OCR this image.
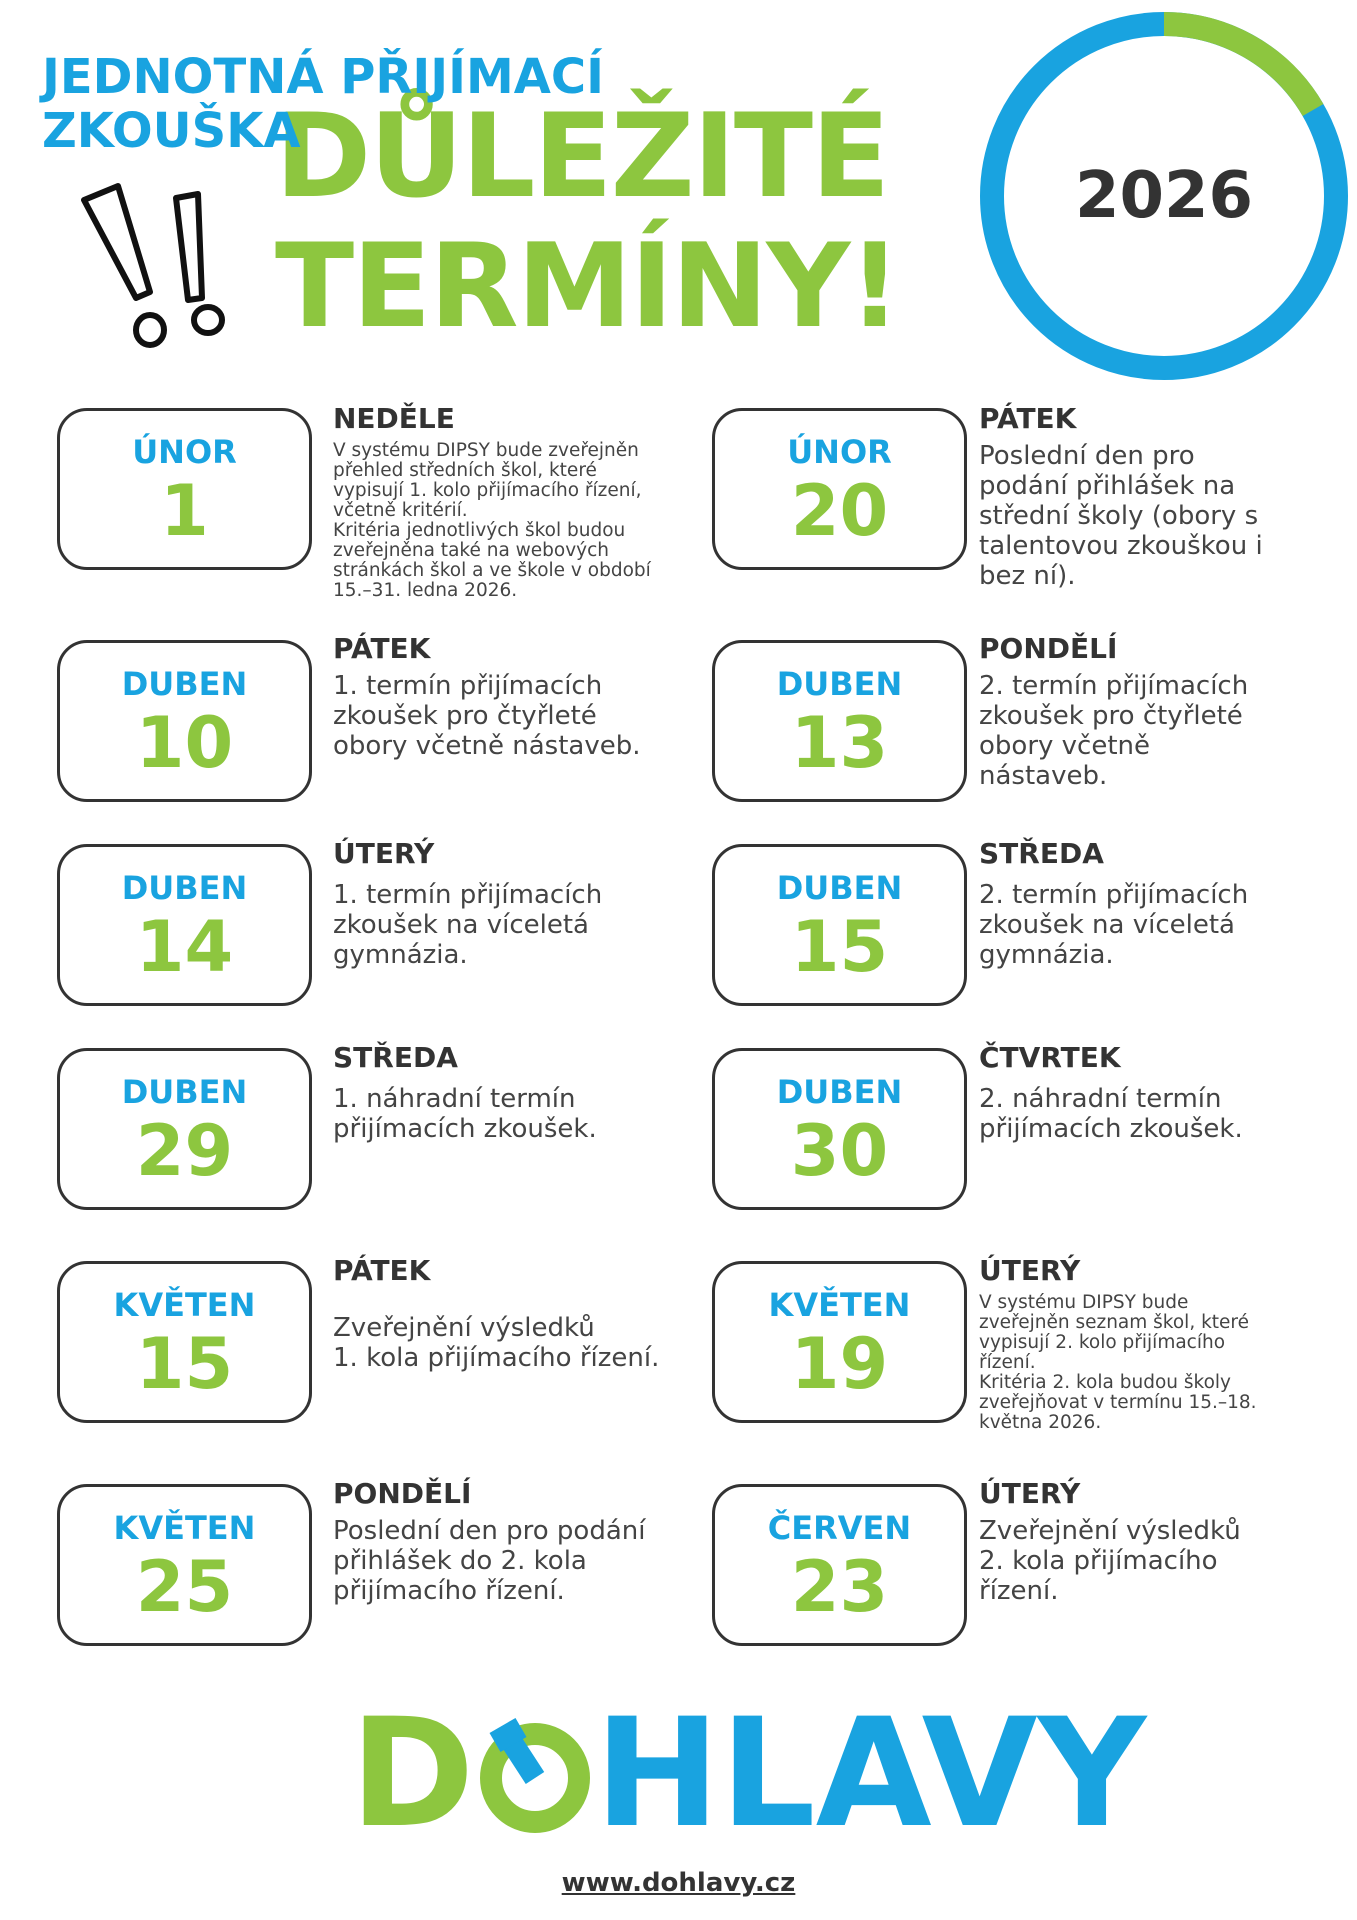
JEDNOTNÁ PŘIJÍMACÍ
ZKOUŠKA
DŮLEŽITÉ
TERMÍNY!
2026
ÚNOR
1
NEDĚLE
V systému DIPSY bude zveřejněn
přehled středních škol, které
vypisují 1. kolo přijímacího řízení,
včetně kritérií.
Kritéria jednotlivých škol budou
zveřejněna také na webových
stránkách škol a ve škole v období
15.–31. ledna 2026.
ÚNOR
20
PÁTEK
Poslední den pro
podání přihlášek na
střední školy (obory s
talentovou zkouškou i
bez ní).
DUBEN
10
PÁTEK
1. termín přijímacích
zkoušek pro čtyřleté
obory včetně nástaveb.
DUBEN
13
PONDĚLÍ
2. termín přijímacích
zkoušek pro čtyřleté
obory včetně
nástaveb.
DUBEN
14
ÚTERÝ
1. termín přijímacích
zkoušek na víceletá
gymnázia.
DUBEN
15
STŘEDA
2. termín přijímacích
zkoušek na víceletá
gymnázia.
DUBEN
29
STŘEDA
1. náhradní termín
přijímacích zkoušek.
DUBEN
30
ČTVRTEK
2. náhradní termín
přijímacích zkoušek.
KVĚTEN
15
PÁTEK
Zveřejnění výsledků
1. kola přijímacího řízení.
KVĚTEN
19
ÚTERÝ
V systému DIPSY bude
zveřejněn seznam škol, které
vypisují 2. kolo přijímacího
řízení.
Kritéria 2. kola budou školy
zveřejňovat v termínu 15.–18.
května 2026.
KVĚTEN
25
PONDĚLÍ
Poslední den pro podání
přihlášek do 2. kola
přijímacího řízení.
ČERVEN
23
ÚTERÝ
Zveřejnění výsledků
2. kola přijímacího
řízení.
D HLAVY
www.dohlavy.cz
